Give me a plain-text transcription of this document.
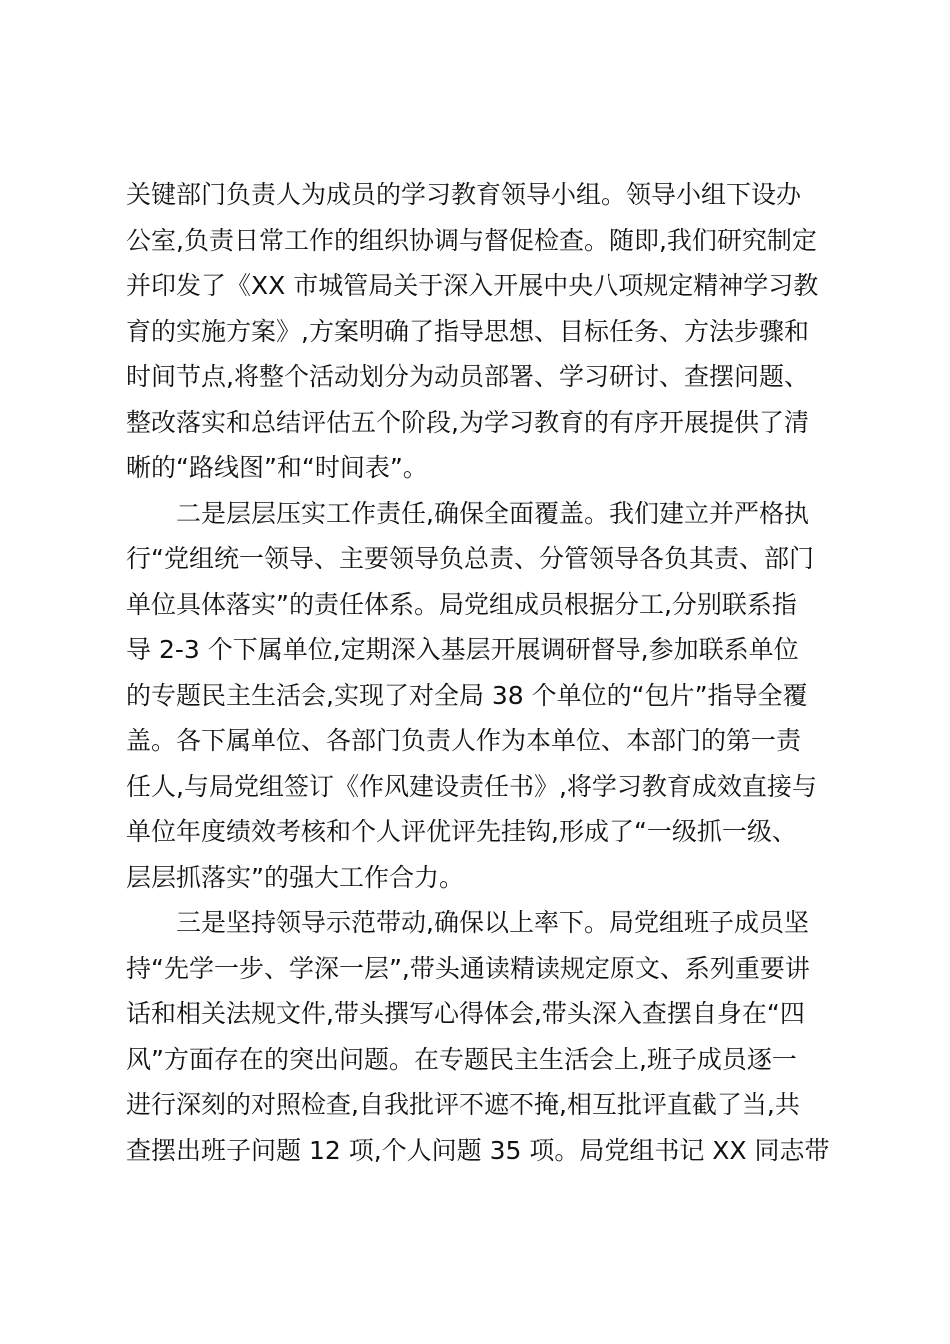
关键部门负责人为成员的学习教育领导小组。领导小组下设办
公室,负责日常工作的组织协调与督促检查。随即,我们研究制定
并印发了《XX 市城管局关于深入开展中央八项规定精神学习教
育的实施方案》,方案明确了指导思想、目标任务、方法步骤和
时间节点,将整个活动划分为动员部署、学习研讨、查摆问题、
整改落实和总结评估五个阶段,为学习教育的有序开展提供了清
晰的“路线图”和“时间表”。
二是层层压实工作责任,确保全面覆盖。我们建立并严格执
行“党组统一领导、主要领导负总责、分管领导各负其责、部门
单位具体落实”的责任体系。局党组成员根据分工,分别联系指
导 2-3 个下属单位,定期深入基层开展调研督导,参加联系单位
的专题民主生活会,实现了对全局 38 个单位的“包片”指导全覆
盖。各下属单位、各部门负责人作为本单位、本部门的第一责
任人,与局党组签订《作风建设责任书》,将学习教育成效直接与
单位年度绩效考核和个人评优评先挂钩,形成了“一级抓一级、
层层抓落实”的强大工作合力。
三是坚持领导示范带动,确保以上率下。局党组班子成员坚
持“先学一步、学深一层”,带头通读精读规定原文、系列重要讲
话和相关法规文件,带头撰写心得体会,带头深入查摆自身在“四
风”方面存在的突出问题。在专题民主生活会上,班子成员逐一
进行深刻的对照检查,自我批评不遮不掩,相互批评直截了当,共
查摆出班子问题 12 项,个人问题 35 项。局党组书记 XX 同志带
